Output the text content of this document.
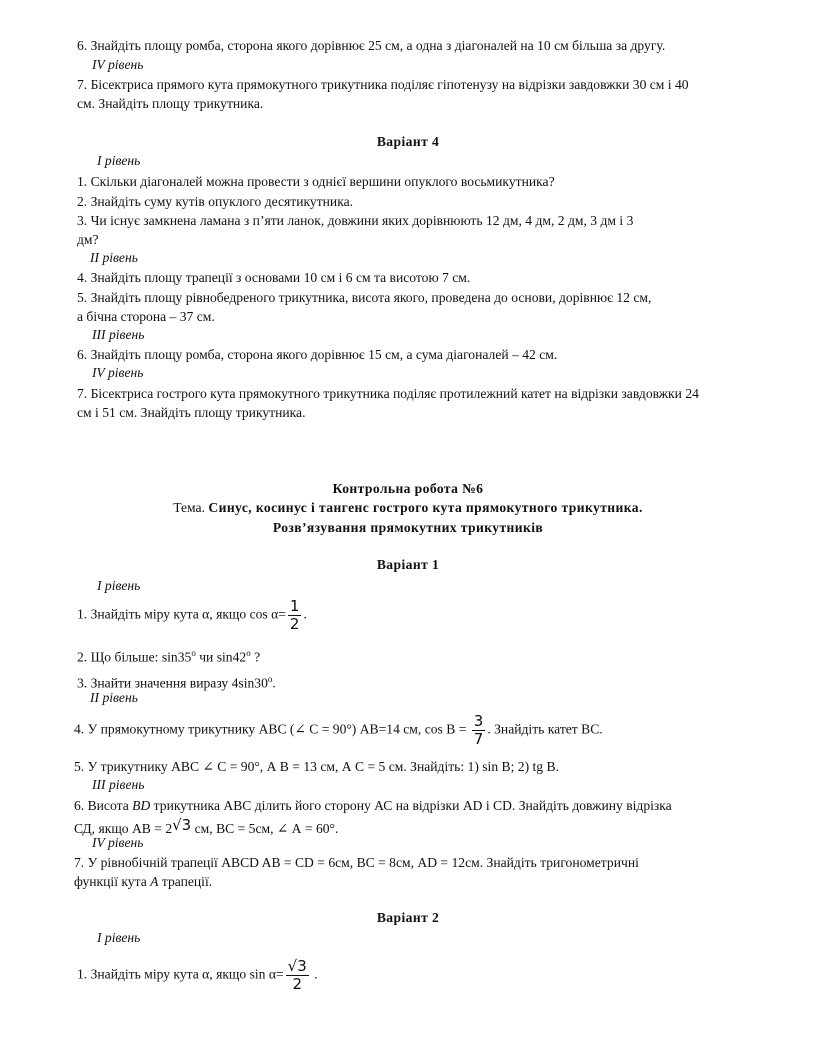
6. Знайдіть площу ромба, сторона якого дорівнює 25 см, а одна з діагоналей на 10 см більша за другу.
IV рівень
7. Бісектриса прямого кута прямокутного трикутника поділяє гіпотенузу на відрізки завдовжки 30 см і 40
см. Знайдіть площу трикутника.
Варіант 4
І рівень
1. Скільки діагоналей можна провести з однієї вершини опуклого восьмикутника?
2. Знайдіть суму кутів опуклого десятикутника.
3. Чи існує замкнена ламана з п’яти ланок, довжини яких дорівнюють 12 дм, 4 дм, 2 дм, 3 дм і 3
дм?
ІІ рівень
4. Знайдіть площу трапеції з основами 10 см і 6 см та висотою 7 см.
5. Знайдіть площу рівнобедреного трикутника, висота якого, проведена до основи, дорівнює 12 см,
а бічна сторона – 37 см.
ІІІ рівень
6. Знайдіть площу ромба, сторона якого дорівнює 15 см, а сума діагоналей – 42 см.
IV рівень
7. Бісектриса гострого кута прямокутного трикутника поділяє протилежний катет на відрізки завдовжки 24
см і 51 см. Знайдіть площу трикутника.
Контрольна робота №6
Тема. Синус, косинус і тангенс гострого кута прямокутного трикутника.
Розв’язування прямокутних трикутників
Варіант 1
І рівень
1. Знайдіть міру кута α, якщо $\cos \alpha= \frac{1}{2}$ .
2. Що більше: $\sin 35^о$ чи $\sin 42^о$ ?
3. Знайти значення виразу $4\sin 30^о$.
ІІ рівень
4. У прямокутному трикутнику АВС (∠ С = 90°) АВ=14 см, $\cos В = \frac{3}{7}$ . Знайдіть катет ВС.
5. У трикутнику АВС ∠ С = 90°, А В = 13 см, А С = 5 см. Знайдіть: 1) sin В; 2) tg В.
ІІІ рівень
6. Висота BD трикутника АВС ділить його сторону АС на відрізки AD і CD. Знайдіть довжину відрізка
СД, якщо АВ = 2√3 см, ВС = 5см, ∠ А = 60°.
IV рівень
7. У рівнобічній трапеції ABCD AB = CD = 6см, BC = 8см, AD = 12см. Знайдіть тригонометричні
функції кута А трапеції.
Варіант 2
І рівень
1. Знайдіть міру кута α, якщо $\sin \alpha= \frac{√3}{2}$ .
